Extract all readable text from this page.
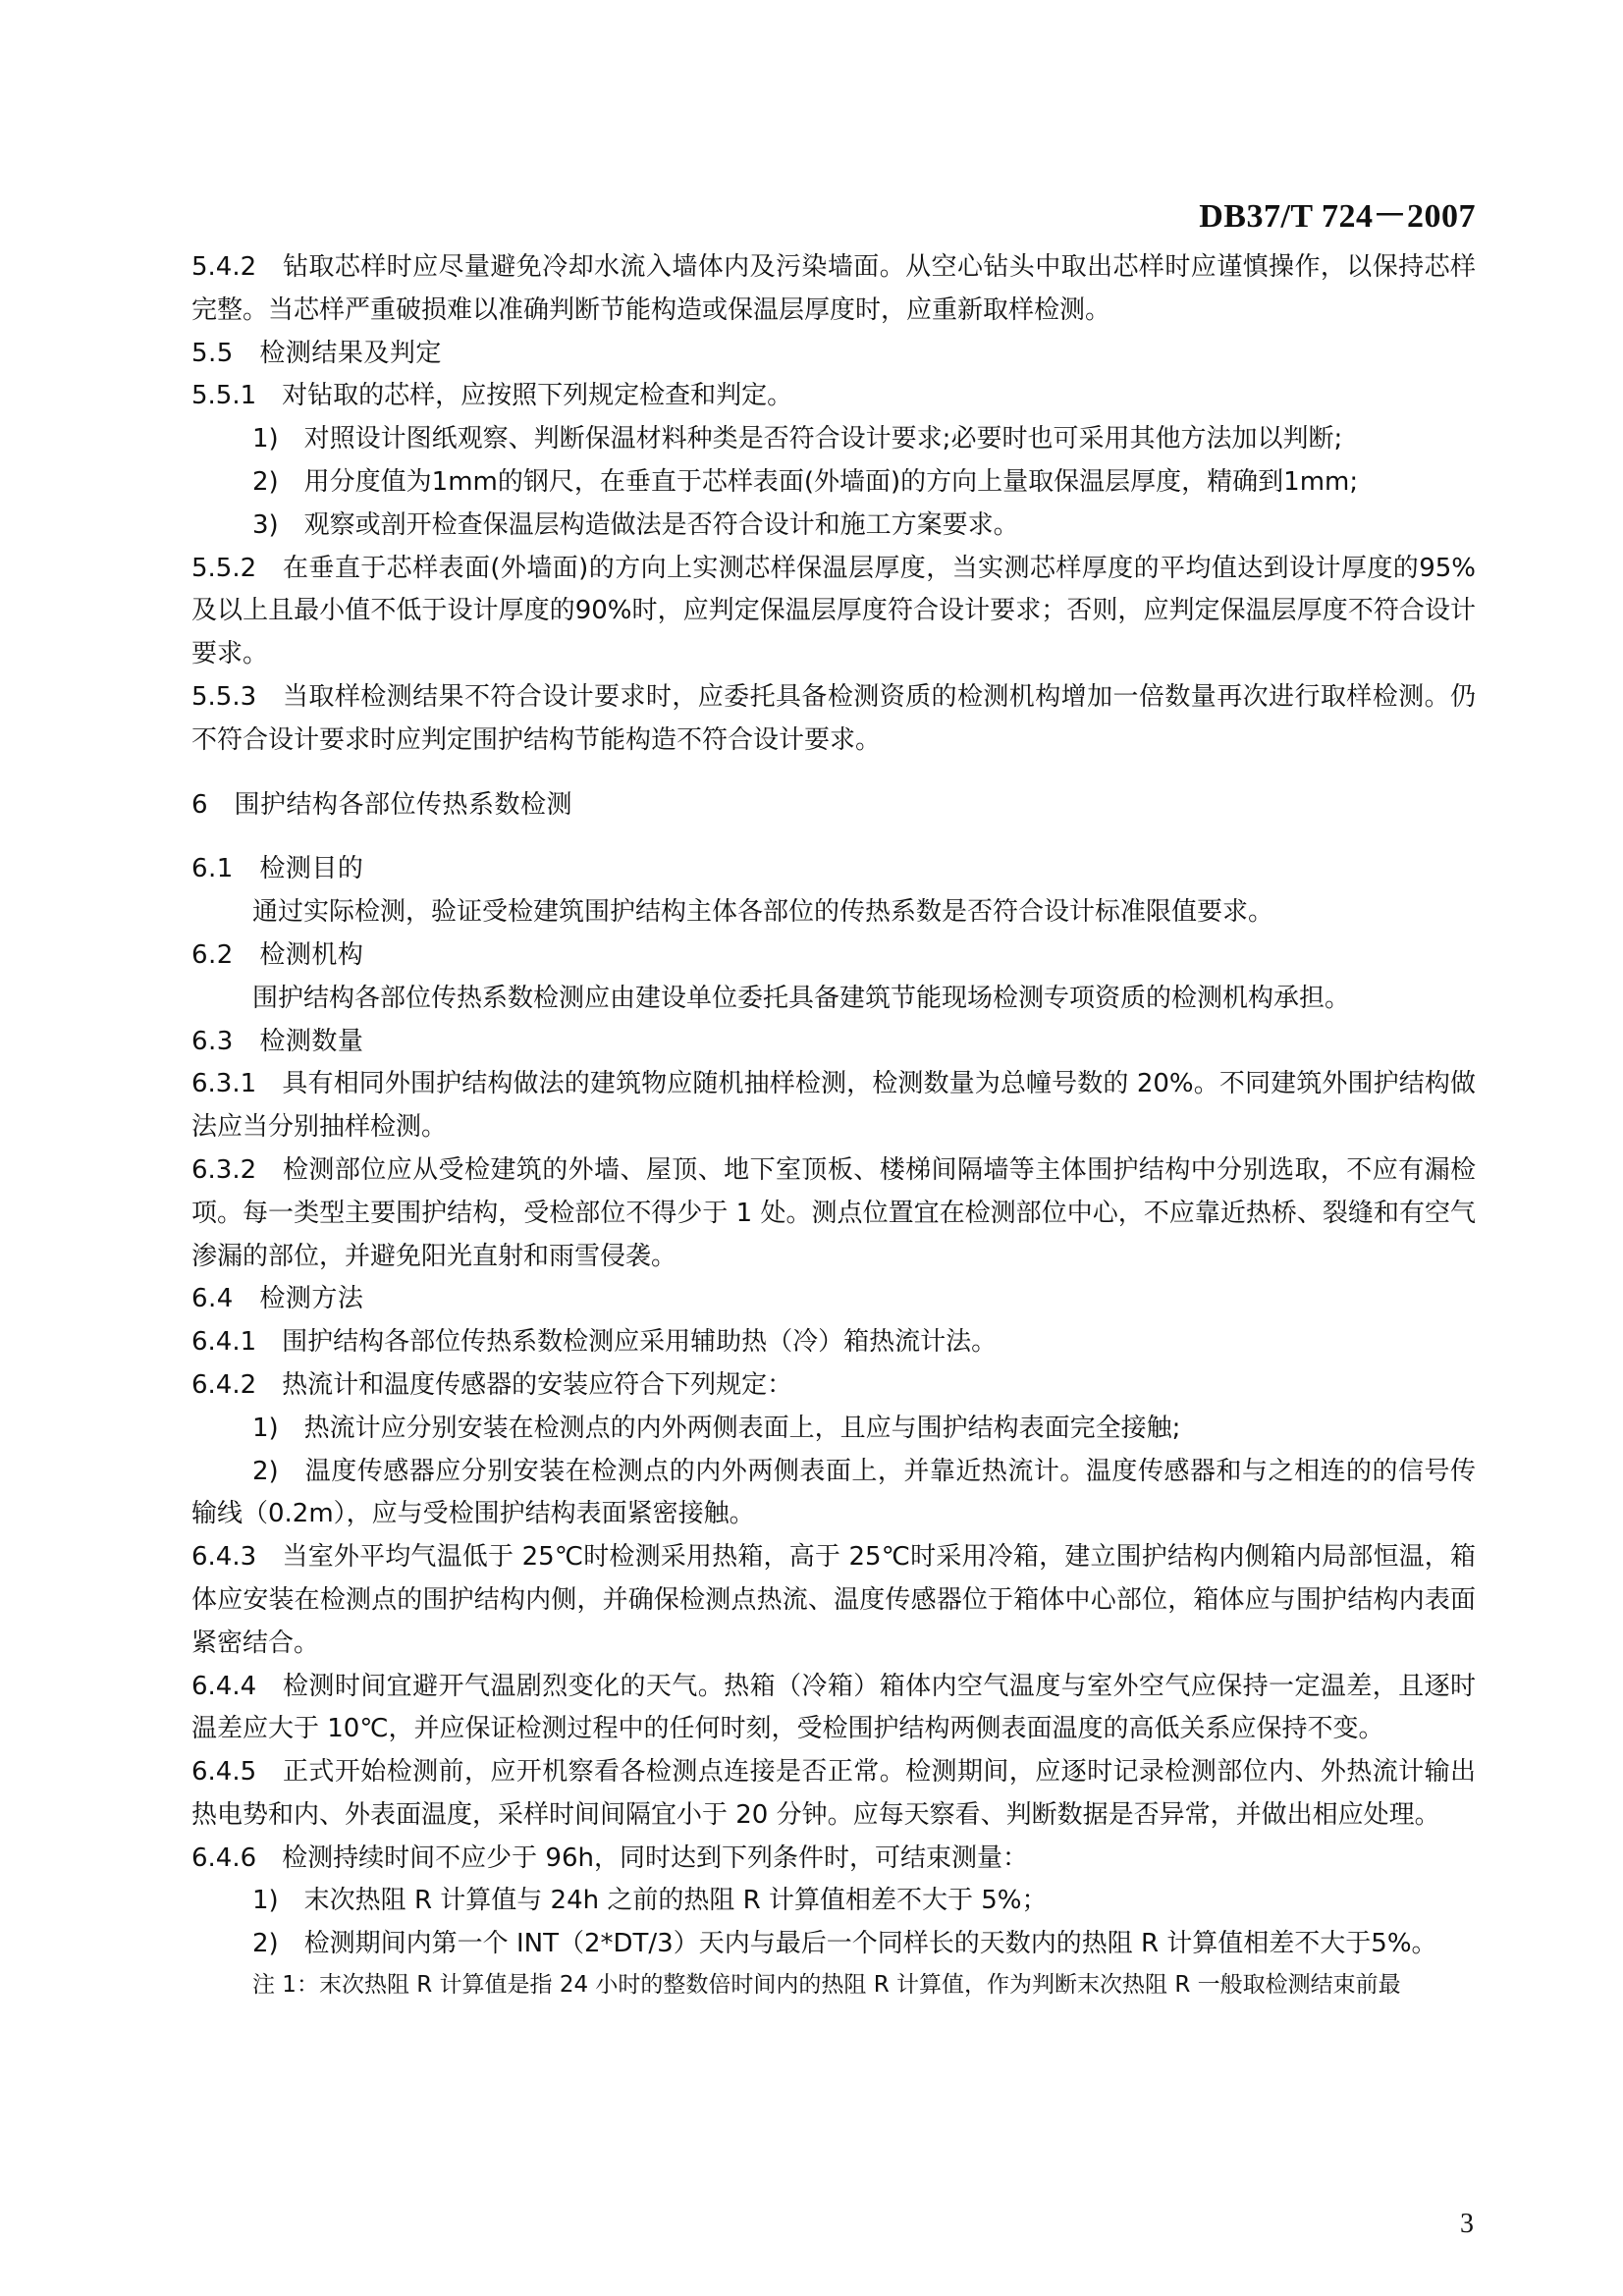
DB37/T 724－2007

5.4.2　钻取芯样时应尽量避免冷却水流入墙体内及污染墙面。从空心钻头中取出芯样时应谨慎操作，以保持芯样完整。当芯样严重破损难以准确判断节能构造或保温层厚度时，应重新取样检测。

5.5　检测结果及判定

5.5.1　对钻取的芯样，应按照下列规定检查和判定。

1)　对照设计图纸观察、判断保温材料种类是否符合设计要求;必要时也可采用其他方法加以判断;

2)　用分度值为1mm的钢尺，在垂直于芯样表面(外墙面)的方向上量取保温层厚度，精确到1mm;

3)　观察或剖开检查保温层构造做法是否符合设计和施工方案要求。

5.5.2　在垂直于芯样表面(外墙面)的方向上实测芯样保温层厚度，当实测芯样厚度的平均值达到设计厚度的95%及以上且最小值不低于设计厚度的90%时，应判定保温层厚度符合设计要求；否则，应判定保温层厚度不符合设计要求。

5.5.3　当取样检测结果不符合设计要求时，应委托具备检测资质的检测机构增加一倍数量再次进行取样检测。仍不符合设计要求时应判定围护结构节能构造不符合设计要求。

6　围护结构各部位传热系数检测

6.1　检测目的

通过实际检测，验证受检建筑围护结构主体各部位的传热系数是否符合设计标准限值要求。

6.2　检测机构

围护结构各部位传热系数检测应由建设单位委托具备建筑节能现场检测专项资质的检测机构承担。

6.3　检测数量

6.3.1　具有相同外围护结构做法的建筑物应随机抽样检测，检测数量为总幢号数的 20%。不同建筑外围护结构做法应当分别抽样检测。

6.3.2　检测部位应从受检建筑的外墙、屋顶、地下室顶板、楼梯间隔墙等主体围护结构中分别选取，不应有漏检项。每一类型主要围护结构，受检部位不得少于 1 处。测点位置宜在检测部位中心，不应靠近热桥、裂缝和有空气渗漏的部位，并避免阳光直射和雨雪侵袭。

6.4　检测方法

6.4.1　围护结构各部位传热系数检测应采用辅助热（冷）箱热流计法。

6.4.2　热流计和温度传感器的安装应符合下列规定：

1)　热流计应分别安装在检测点的内外两侧表面上，且应与围护结构表面完全接触;

2)　温度传感器应分别安装在检测点的内外两侧表面上，并靠近热流计。温度传感器和与之相连的的信号传输线（0.2m），应与受检围护结构表面紧密接触。

6.4.3　当室外平均气温低于 25℃时检测采用热箱，高于 25℃时采用冷箱，建立围护结构内侧箱内局部恒温，箱体应安装在检测点的围护结构内侧，并确保检测点热流、温度传感器位于箱体中心部位，箱体应与围护结构内表面紧密结合。

6.4.4　检测时间宜避开气温剧烈变化的天气。热箱（冷箱）箱体内空气温度与室外空气应保持一定温差，且逐时温差应大于 10℃，并应保证检测过程中的任何时刻，受检围护结构两侧表面温度的高低关系应保持不变。

6.4.5　正式开始检测前，应开机察看各检测点连接是否正常。检测期间，应逐时记录检测部位内、外热流计输出热电势和内、外表面温度，采样时间间隔宜小于 20 分钟。应每天察看、判断数据是否异常，并做出相应处理。

6.4.6　检测持续时间不应少于 96h，同时达到下列条件时，可结束测量：

1)　末次热阻 R 计算值与 24h 之前的热阻 R 计算值相差不大于 5%；

2)　检测期间内第一个 INT（2*DT/3）天内与最后一个同样长的天数内的热阻 R 计算值相差不大于5%。

注 1：末次热阻 R 计算值是指 24 小时的整数倍时间内的热阻 R 计算值，作为判断末次热阻 R 一般取检测结束前最

3
